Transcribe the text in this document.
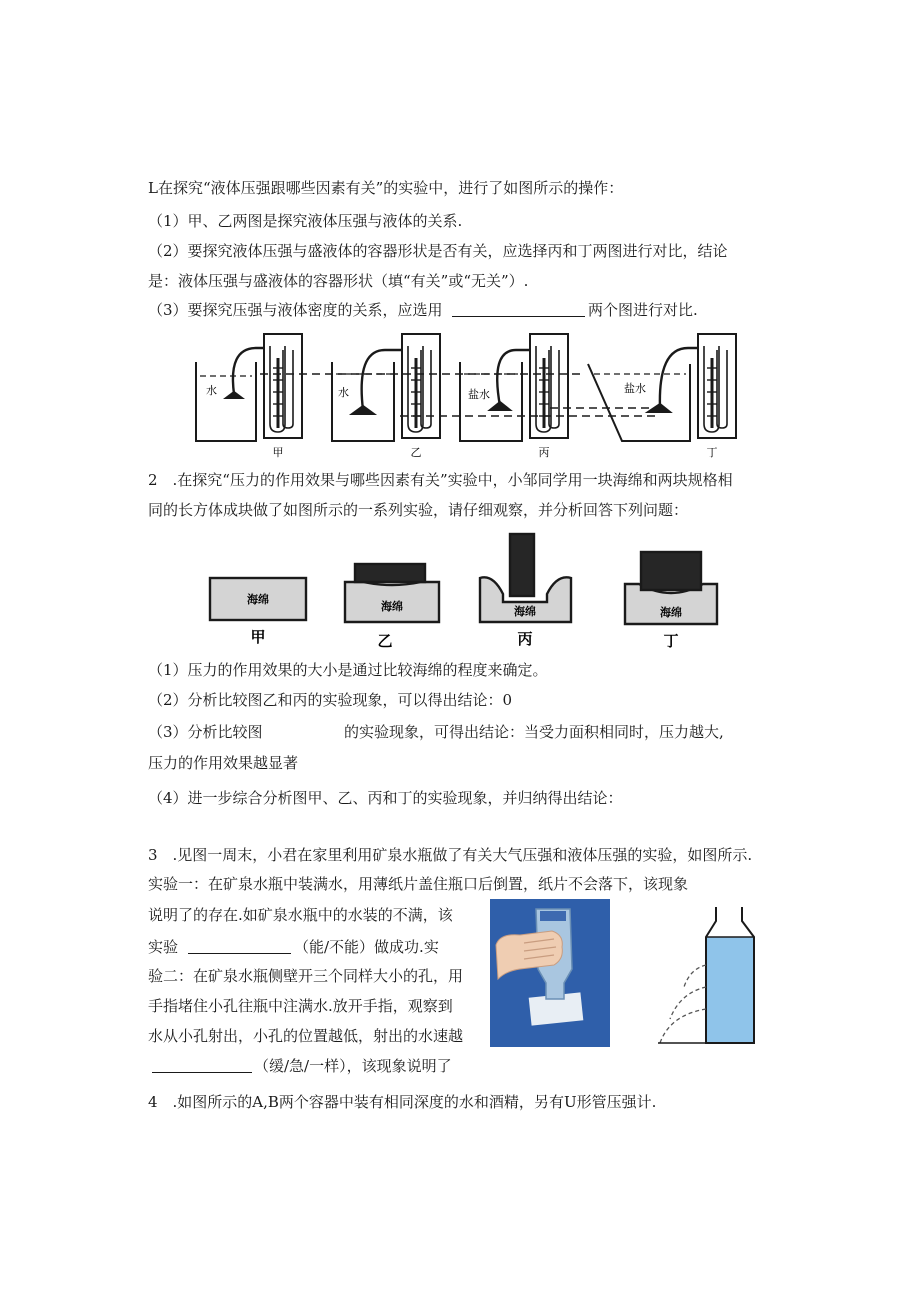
L在探究“液体压强跟哪些因素有关”的实验中，进行了如图所示的操作：
（1）甲、乙两图是探究液体压强与液体的关系.
（2）要探究液体压强与盛液体的容器形状是否有关，应选择丙和丁两图进行对比，结论
是：液体压强与盛液体的容器形状（填“有关”或“无关”）.
（3）要探究压强与液体密度的关系，应选用	两个图进行对比.
水	水	盐水	盐水
甲	乙	丙	丁
2　.在探究“压力的作用效果与哪些因素有关”实验中，小邹同学用一块海绵和两块规格相
同的长方体成块做了如图所示的一系列实验，请仔细观察，并分析回答下列问题：
海绵
海绵	海绵	海绵
甲	乙	丙	丁
（1）压力的作用效果的大小是通过比较海绵的程度来确定。
（2）分析比较图乙和丙的实验现象，可以得出结论：0
（3）分析比较图	的实验现象，可得出结论：当受力面积相同时，压力越大,
压力的作用效果越显著
（4）进一步综合分析图甲、乙、丙和丁的实验现象，并归纳得出结论：
3　.见图一周末，小君在家里利用矿泉水瓶做了有关大气压强和液体压强的实验，如图所示.
实验一：在矿泉水瓶中装满水，用薄纸片盖住瓶口后倒置，纸片不会落下，该现象
说明了的存在.如矿泉水瓶中的水装的不满，该
实验	（能/不能）做成功.实
验二：在矿泉水瓶侧壁开三个同样大小的孔，用
手指堵住小孔往瓶中注满水.放开手指，观察到
水从小孔射出，小孔的位置越低，射出的水速越
（缓/急/一样），该现象说明了
4　.如图所示的A,B两个容器中装有相同深度的水和酒精，另有U形管压强计.
